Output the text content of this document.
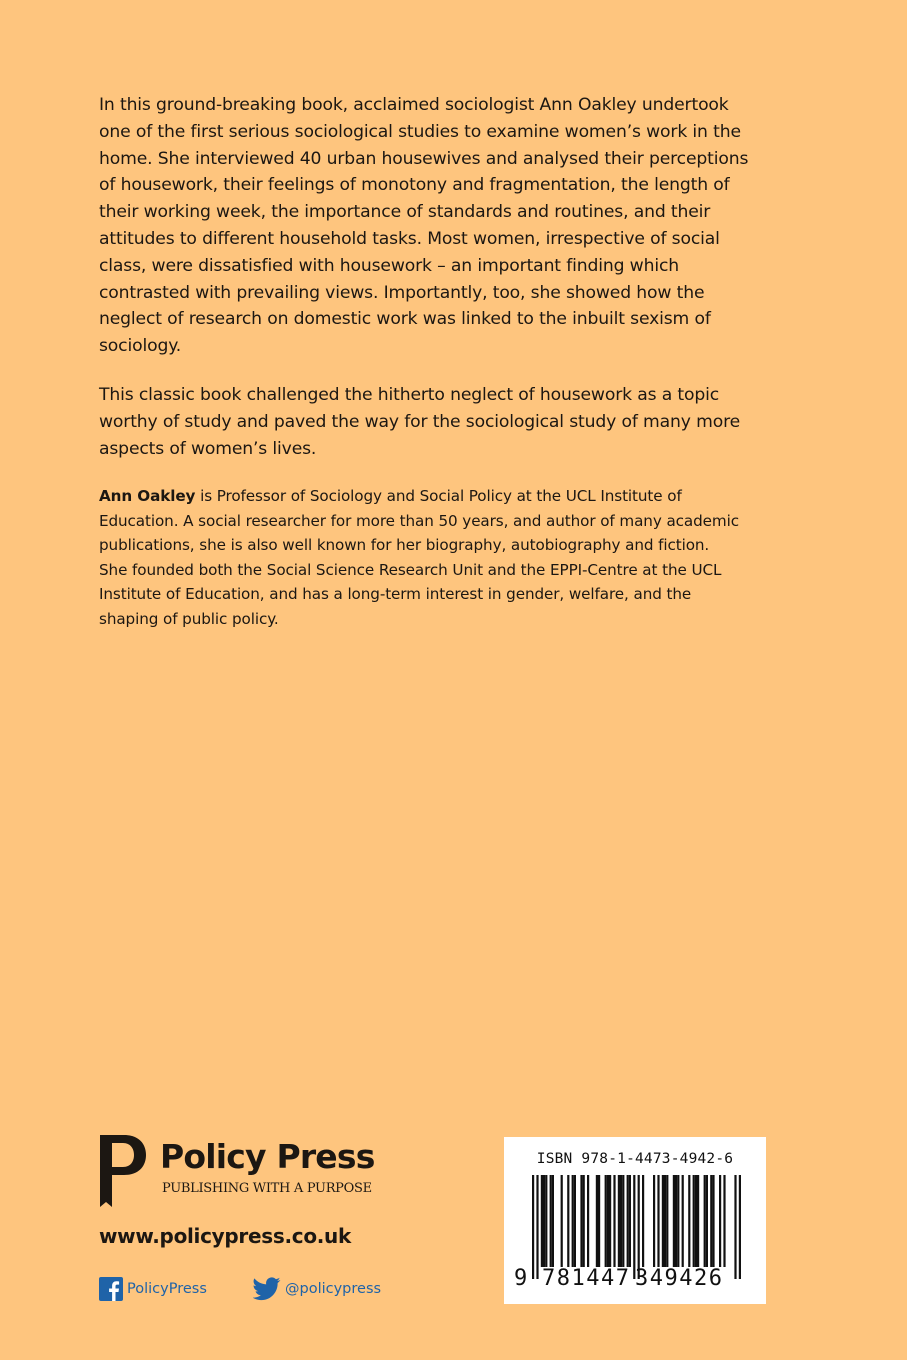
In this ground-breaking book, acclaimed sociologist Ann Oakley undertook one of the first serious sociological studies to examine women’s work in the home. She interviewed 40 urban housewives and analysed their perceptions of housework, their feelings of monotony and fragmentation, the length of their working week, the importance of standards and routines, and their attitudes to different household tasks. Most women, irrespective of social class, were dissatisfied with housework – an important finding which contrasted with prevailing views. Importantly, too, she showed how the neglect of research on domestic work was linked to the inbuilt sexism of sociology.

This classic book challenged the hitherto neglect of housework as a topic worthy of study and paved the way for the sociological study of many more aspects of women’s lives.

Ann Oakley is Professor of Sociology and Social Policy at the UCL Institute of Education. A social researcher for more than 50 years, and author of many academic publications, she is also well known for her biography, autobiography and fiction. She founded both the Social Science Research Unit and the EPPI-Centre at the UCL Institute of Education, and has a long-term interest in gender, welfare, and the shaping of public policy.

Policy Press
PUBLISHING WITH A PURPOSE
www.policypress.co.uk
PolicyPress	@policypress
ISBN 978-1-4473-4942-6
9 781447 349426
